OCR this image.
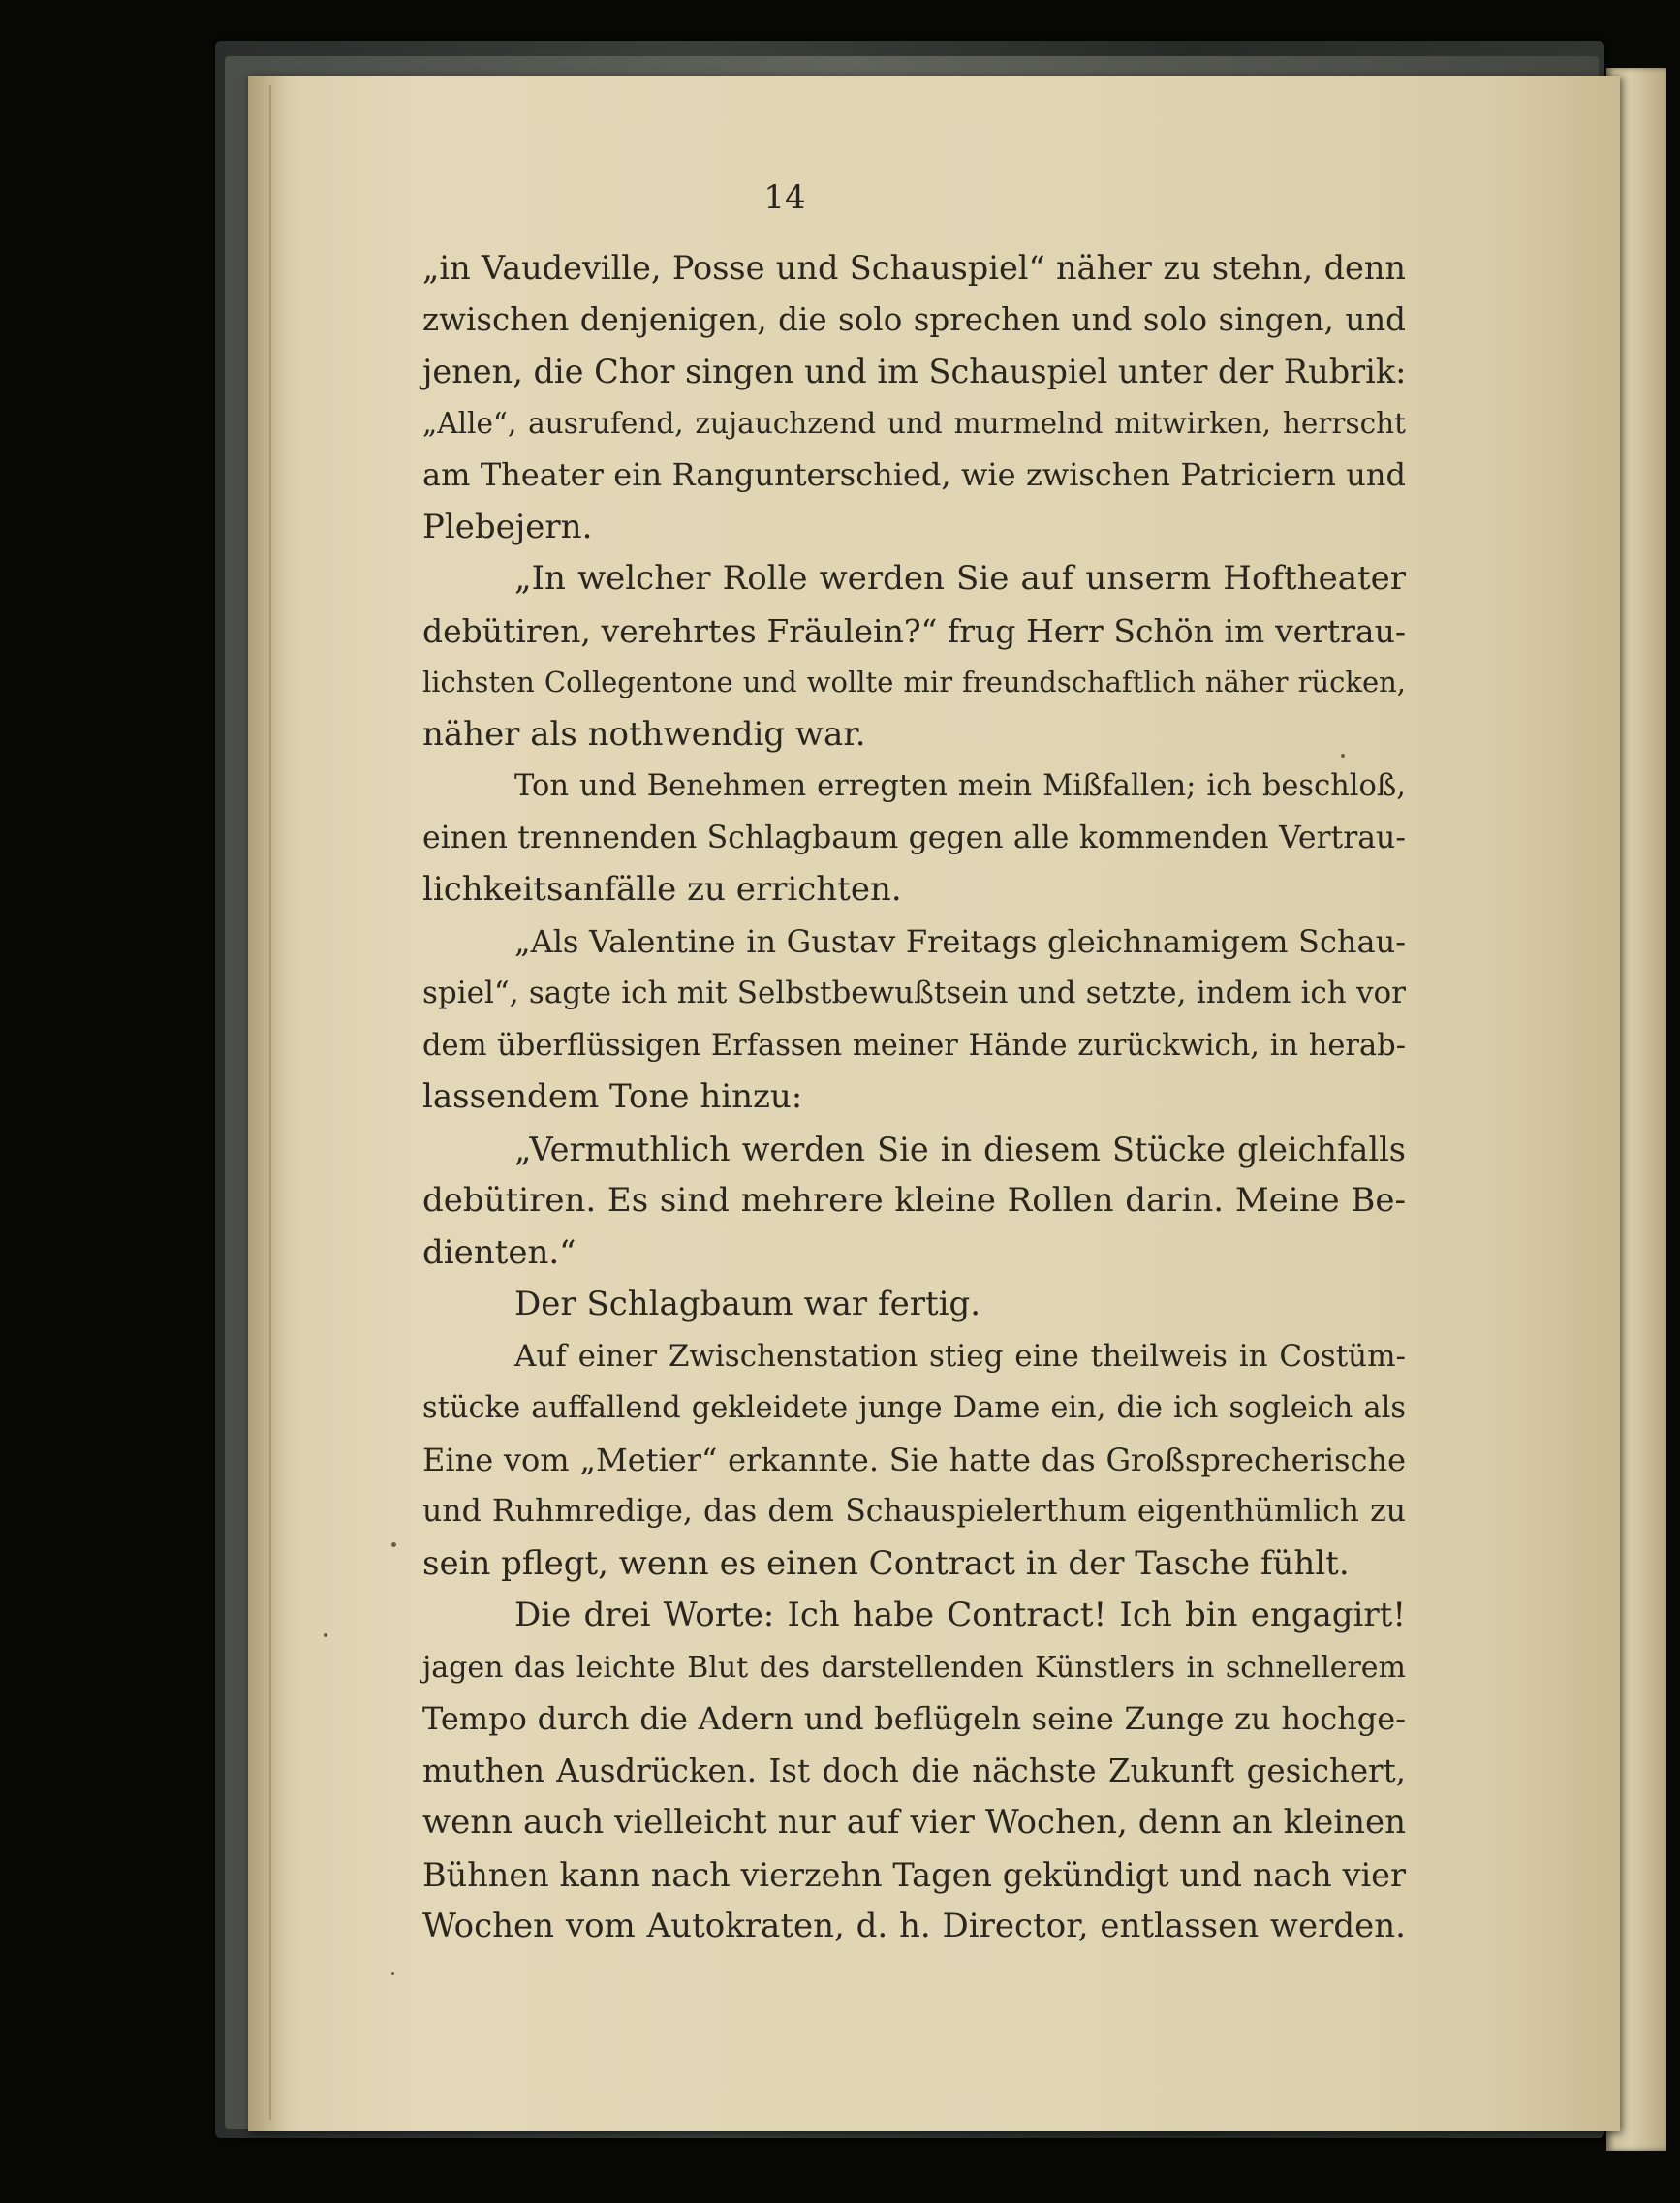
14
„in Vaudeville, Posse und Schauspiel“ näher zu stehn, denn
zwischen denjenigen, die solo sprechen und solo singen, und
jenen, die Chor singen und im Schauspiel unter der Rubrik:
„Alle“, ausrufend, zujauchzend und murmelnd mitwirken, herrscht
am Theater ein Rangunterschied, wie zwischen Patriciern und
Plebejern.
„In welcher Rolle werden Sie auf unserm Hoftheater
debütiren, verehrtes Fräulein?“ frug Herr Schön im vertrau-
lichsten Collegentone und wollte mir freundschaftlich näher rücken,
näher als nothwendig war.
Ton und Benehmen erregten mein Mißfallen; ich beschloß,
einen trennenden Schlagbaum gegen alle kommenden Vertrau-
lichkeitsanfälle zu errichten.
„Als Valentine in Gustav Freitags gleichnamigem Schau-
spiel“, sagte ich mit Selbstbewußtsein und setzte, indem ich vor
dem überflüssigen Erfassen meiner Hände zurückwich, in herab-
lassendem Tone hinzu:
„Vermuthlich werden Sie in diesem Stücke gleichfalls
debütiren. Es sind mehrere kleine Rollen darin. Meine Be-
dienten.“
Der Schlagbaum war fertig.
Auf einer Zwischenstation stieg eine theilweis in Costüm-
stücke auffallend gekleidete junge Dame ein, die ich sogleich als
Eine vom „Metier“ erkannte. Sie hatte das Großsprecherische
und Ruhmredige, das dem Schauspielerthum eigenthümlich zu
sein pflegt, wenn es einen Contract in der Tasche fühlt.
Die drei Worte: Ich habe Contract! Ich bin engagirt!
jagen das leichte Blut des darstellenden Künstlers in schnellerem
Tempo durch die Adern und beflügeln seine Zunge zu hochge-
muthen Ausdrücken. Ist doch die nächste Zukunft gesichert,
wenn auch vielleicht nur auf vier Wochen, denn an kleinen
Bühnen kann nach vierzehn Tagen gekündigt und nach vier
Wochen vom Autokraten, d. h. Director, entlassen werden.
